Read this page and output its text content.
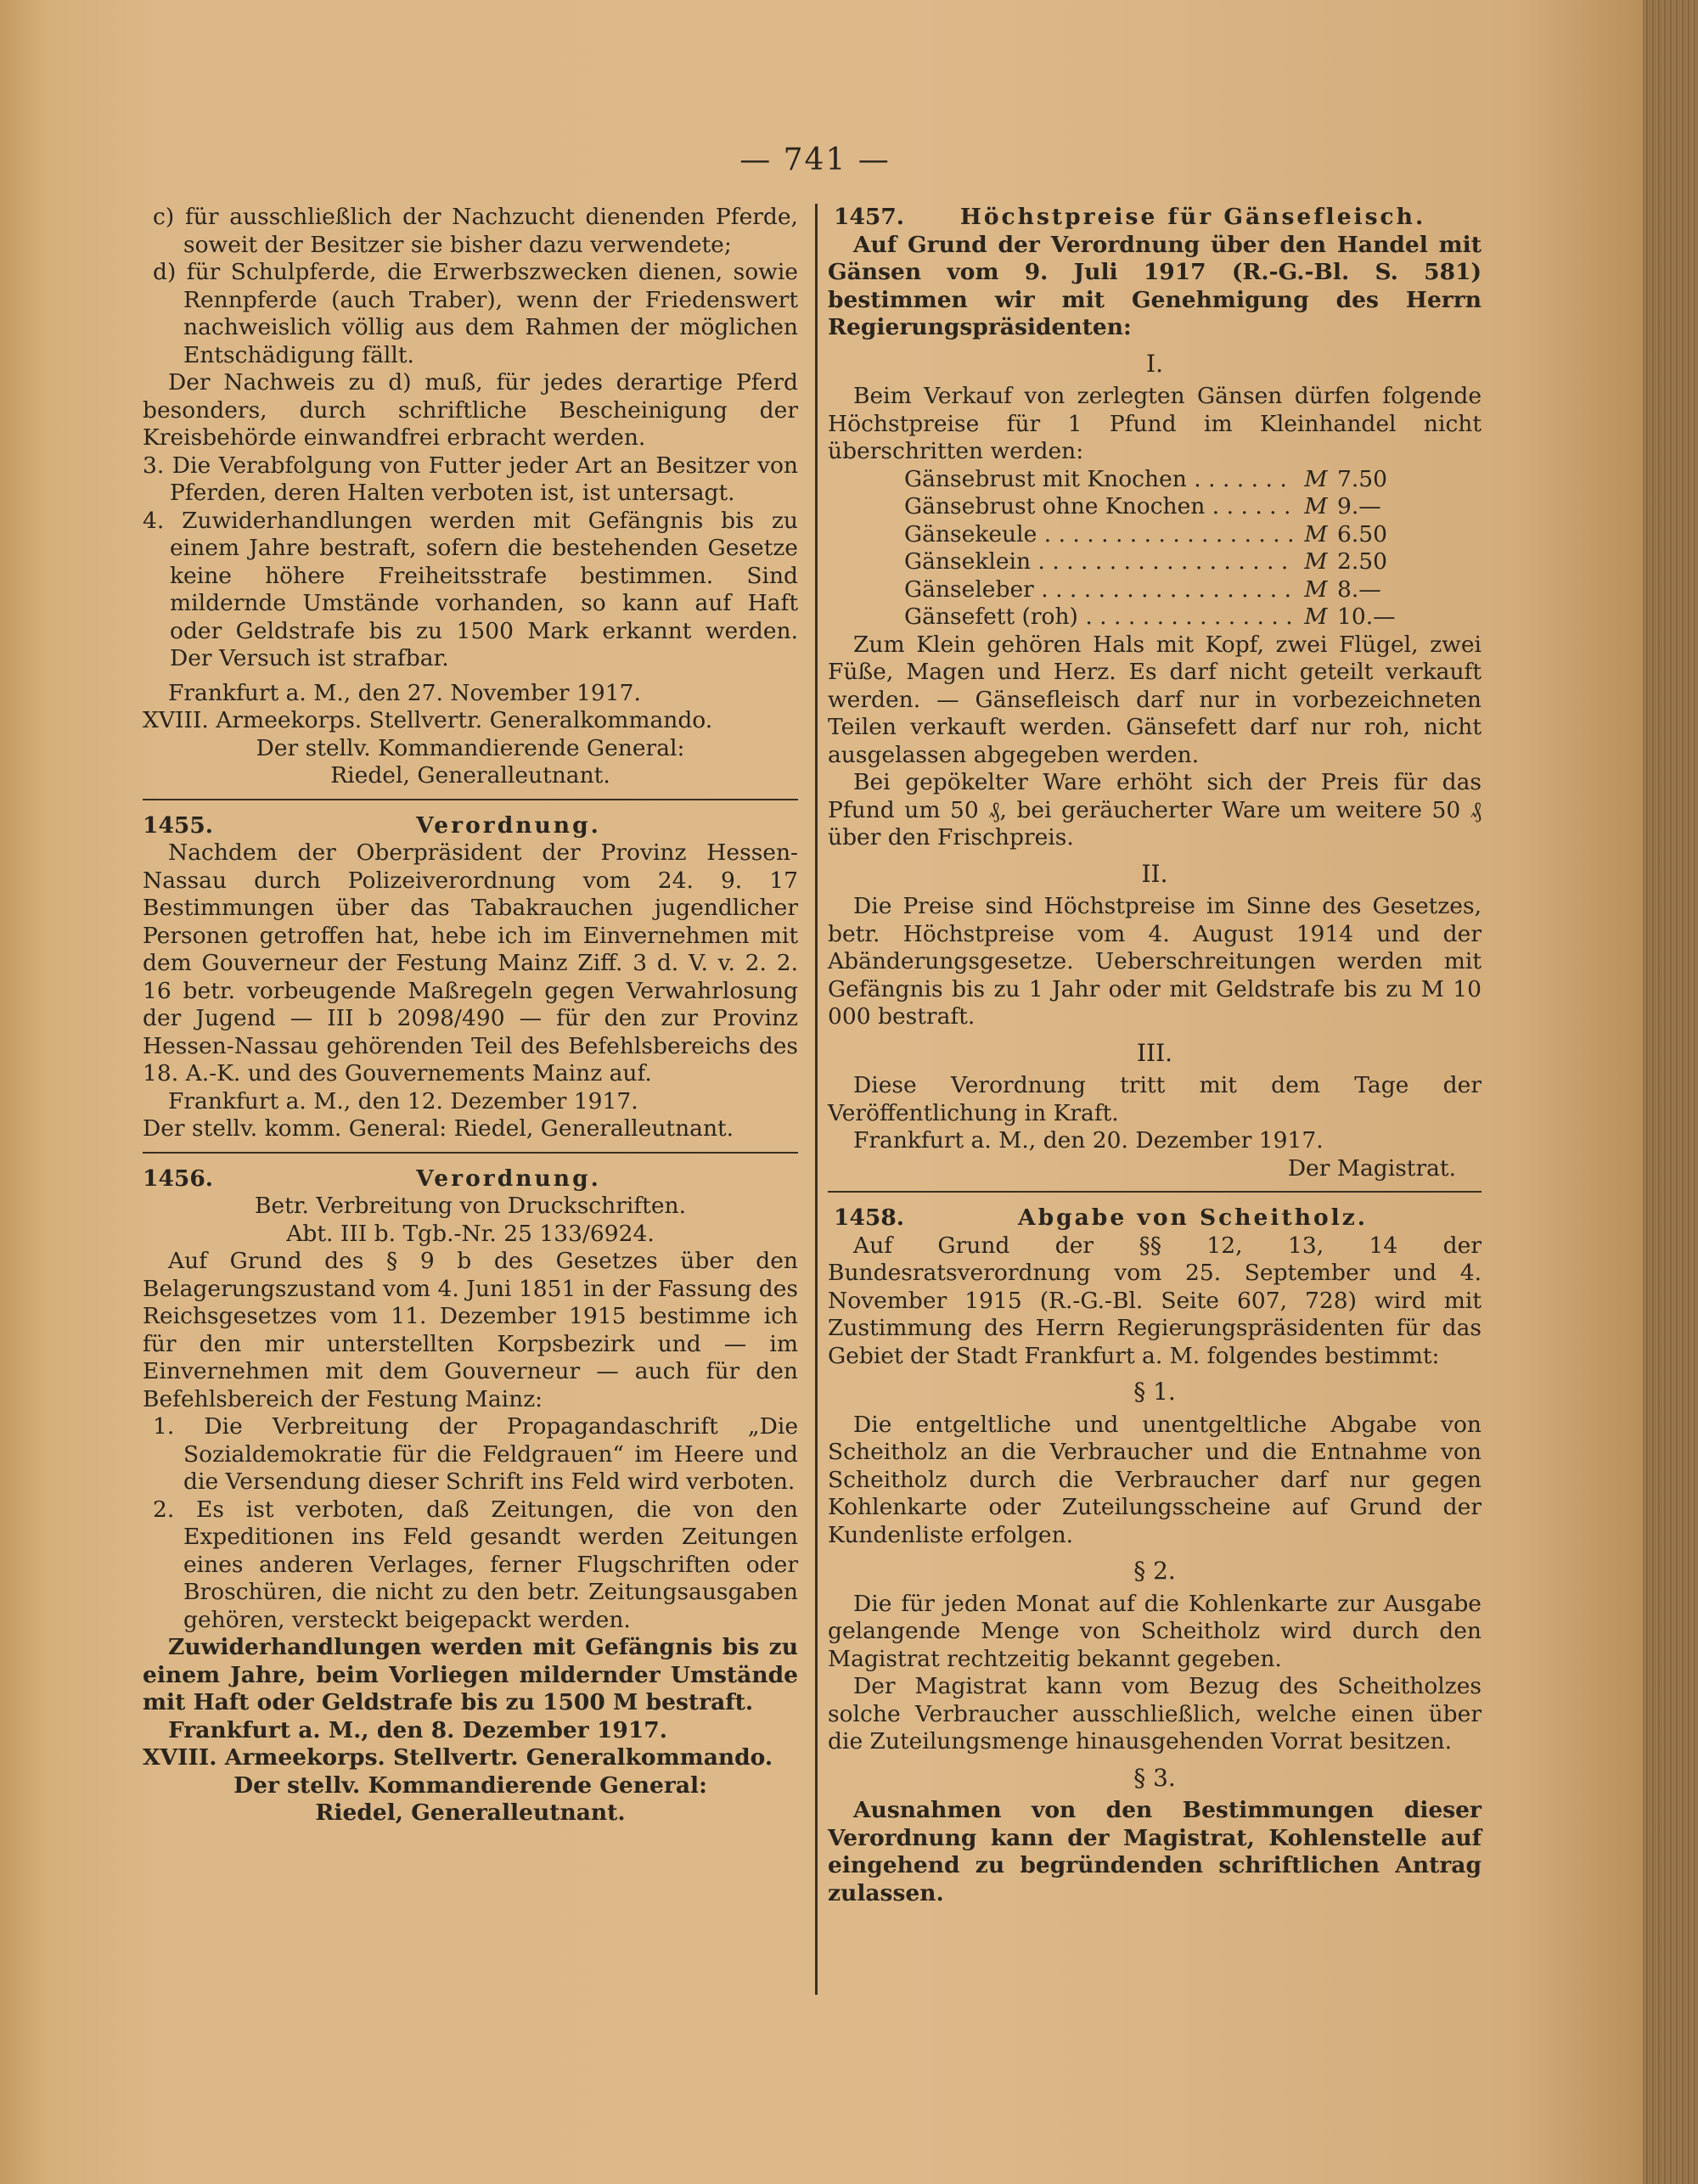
— 741 —

c) für ausschließlich der Nachzucht dienenden Pferde, soweit der Besitzer sie bisher dazu verwendete;

d) für Schulpferde, die Erwerbszwecken dienen, sowie Rennpferde (auch Traber), wenn der Friedenswert nachweislich völlig aus dem Rahmen der möglichen Entschädigung fällt.

Der Nachweis zu d) muß, für jedes derartige Pferd besonders, durch schriftliche Bescheinigung der Kreisbehörde einwandfrei erbracht werden.

3. Die Verabfolgung von Futter jeder Art an Besitzer von Pferden, deren Halten verboten ist, ist untersagt.

4. Zuwiderhandlungen werden mit Gefängnis bis zu einem Jahre bestraft, sofern die bestehenden Gesetze keine höhere Freiheitsstrafe bestimmen. Sind mildernde Umstände vorhanden, so kann auf Haft oder Geldstrafe bis zu 1500 Mark erkannt werden. Der Versuch ist strafbar.

Frankfurt a. M., den 27. November 1917.

XVIII. Armeekorps. Stellvertr. Generalkommando.

Der stellv. Kommandierende General:

Riedel, Generalleutnant.

1455.	Verordnung.

Nachdem der Oberpräsident der Provinz Hessen-Nassau durch Polizeiverordnung vom 24. 9. 17 Bestimmungen über das Tabakrauchen jugendlicher Personen getroffen hat, hebe ich im Einvernehmen mit dem Gouverneur der Festung Mainz Ziff. 3 d. V. v. 2. 2. 16 betr. vorbeugende Maßregeln gegen Verwahrlosung der Jugend — III b 2098/490 — für den zur Provinz Hessen-Nassau gehörenden Teil des Befehlsbereichs des 18. A.-K. und des Gouvernements Mainz auf.

Frankfurt a. M., den 12. Dezember 1917.

Der stellv. komm. General: Riedel, Generalleutnant.

1456.	Verordnung.

Betr. Verbreitung von Druckschriften.

Abt. III b. Tgb.-Nr. 25 133/6924.

Auf Grund des § 9 b des Gesetzes über den Belagerungszustand vom 4. Juni 1851 in der Fassung des Reichsgesetzes vom 11. Dezember 1915 bestimme ich für den mir unterstellten Korpsbezirk und — im Einvernehmen mit dem Gouverneur — auch für den Befehlsbereich der Festung Mainz:

1. Die Verbreitung der Propagandaschrift „Die Sozialdemokratie für die Feldgrauen“ im Heere und die Versendung dieser Schrift ins Feld wird verboten.

2. Es ist verboten, daß Zeitungen, die von den Expeditionen ins Feld gesandt werden Zeitungen eines anderen Verlages, ferner Flugschriften oder Broschüren, die nicht zu den betr. Zeitungsausgaben gehören, versteckt beigepackt werden.

Zuwiderhandlungen werden mit Gefängnis bis zu einem Jahre, beim Vorliegen mildernder Umstände mit Haft oder Geldstrafe bis zu 1500 M bestraft.

Frankfurt a. M., den 8. Dezember 1917.

XVIII. Armeekorps. Stellvertr. Generalkommando.

Der stellv. Kommandierende General:

Riedel, Generalleutnant.

1457.	Höchstpreise für Gänsefleisch.

Auf Grund der Verordnung über den Handel mit Gänsen vom 9. Juli 1917 (R.-G.-Bl. S. 581) bestimmen wir mit Genehmigung des Herrn Regierungspräsidenten:

I.

Beim Verkauf von zerlegten Gänsen dürfen folgende Höchstpreise für 1 Pfund im Kleinhandel nicht überschritten werden:

Gänsebrust mit Knochen . . .	M 7.50
Gänsebrust ohne Knochen . . .	M 9.—
Gänsekeule . . .	M 6.50
Gänseklein . . .	M 2.50
Gänseleber . . .	M 8.—
Gänsefett (roh) . . .	M 10.—

Zum Klein gehören Hals mit Kopf, zwei Flügel, zwei Füße, Magen und Herz. Es darf nicht geteilt verkauft werden. — Gänsefleisch darf nur in vorbezeichneten Teilen verkauft werden. Gänsefett darf nur roh, nicht ausgelassen abgegeben werden.

Bei gepökelter Ware erhöht sich der Preis für das Pfund um 50 ₰, bei geräucherter Ware um weitere 50 ₰ über den Frischpreis.

II.

Die Preise sind Höchstpreise im Sinne des Gesetzes, betr. Höchstpreise vom 4. August 1914 und der Abänderungsgesetze. Ueberschreitungen werden mit Gefängnis bis zu 1 Jahr oder mit Geldstrafe bis zu M 10 000 bestraft.

III.

Diese Verordnung tritt mit dem Tage der Veröffentlichung in Kraft.

Frankfurt a. M., den 20. Dezember 1917.

Der Magistrat.

1458.	Abgabe von Scheitholz.

Auf Grund der §§ 12, 13, 14 der Bundesratsverordnung vom 25. September und 4. November 1915 (R.-G.-Bl. Seite 607, 728) wird mit Zustimmung des Herrn Regierungspräsidenten für das Gebiet der Stadt Frankfurt a. M. folgendes bestimmt:

§ 1.

Die entgeltliche und unentgeltliche Abgabe von Scheitholz an die Verbraucher und die Entnahme von Scheitholz durch die Verbraucher darf nur gegen Kohlenkarte oder Zuteilungsscheine auf Grund der Kundenliste erfolgen.

§ 2.

Die für jeden Monat auf die Kohlenkarte zur Ausgabe gelangende Menge von Scheitholz wird durch den Magistrat rechtzeitig bekannt gegeben.

Der Magistrat kann vom Bezug des Scheitholzes solche Verbraucher ausschließlich, welche einen über die Zuteilungsmenge hinausgehenden Vorrat besitzen.

§ 3.

Ausnahmen von den Bestimmungen dieser Verordnung kann der Magistrat, Kohlenstelle auf eingehend zu begründenden schriftlichen Antrag zulassen.
